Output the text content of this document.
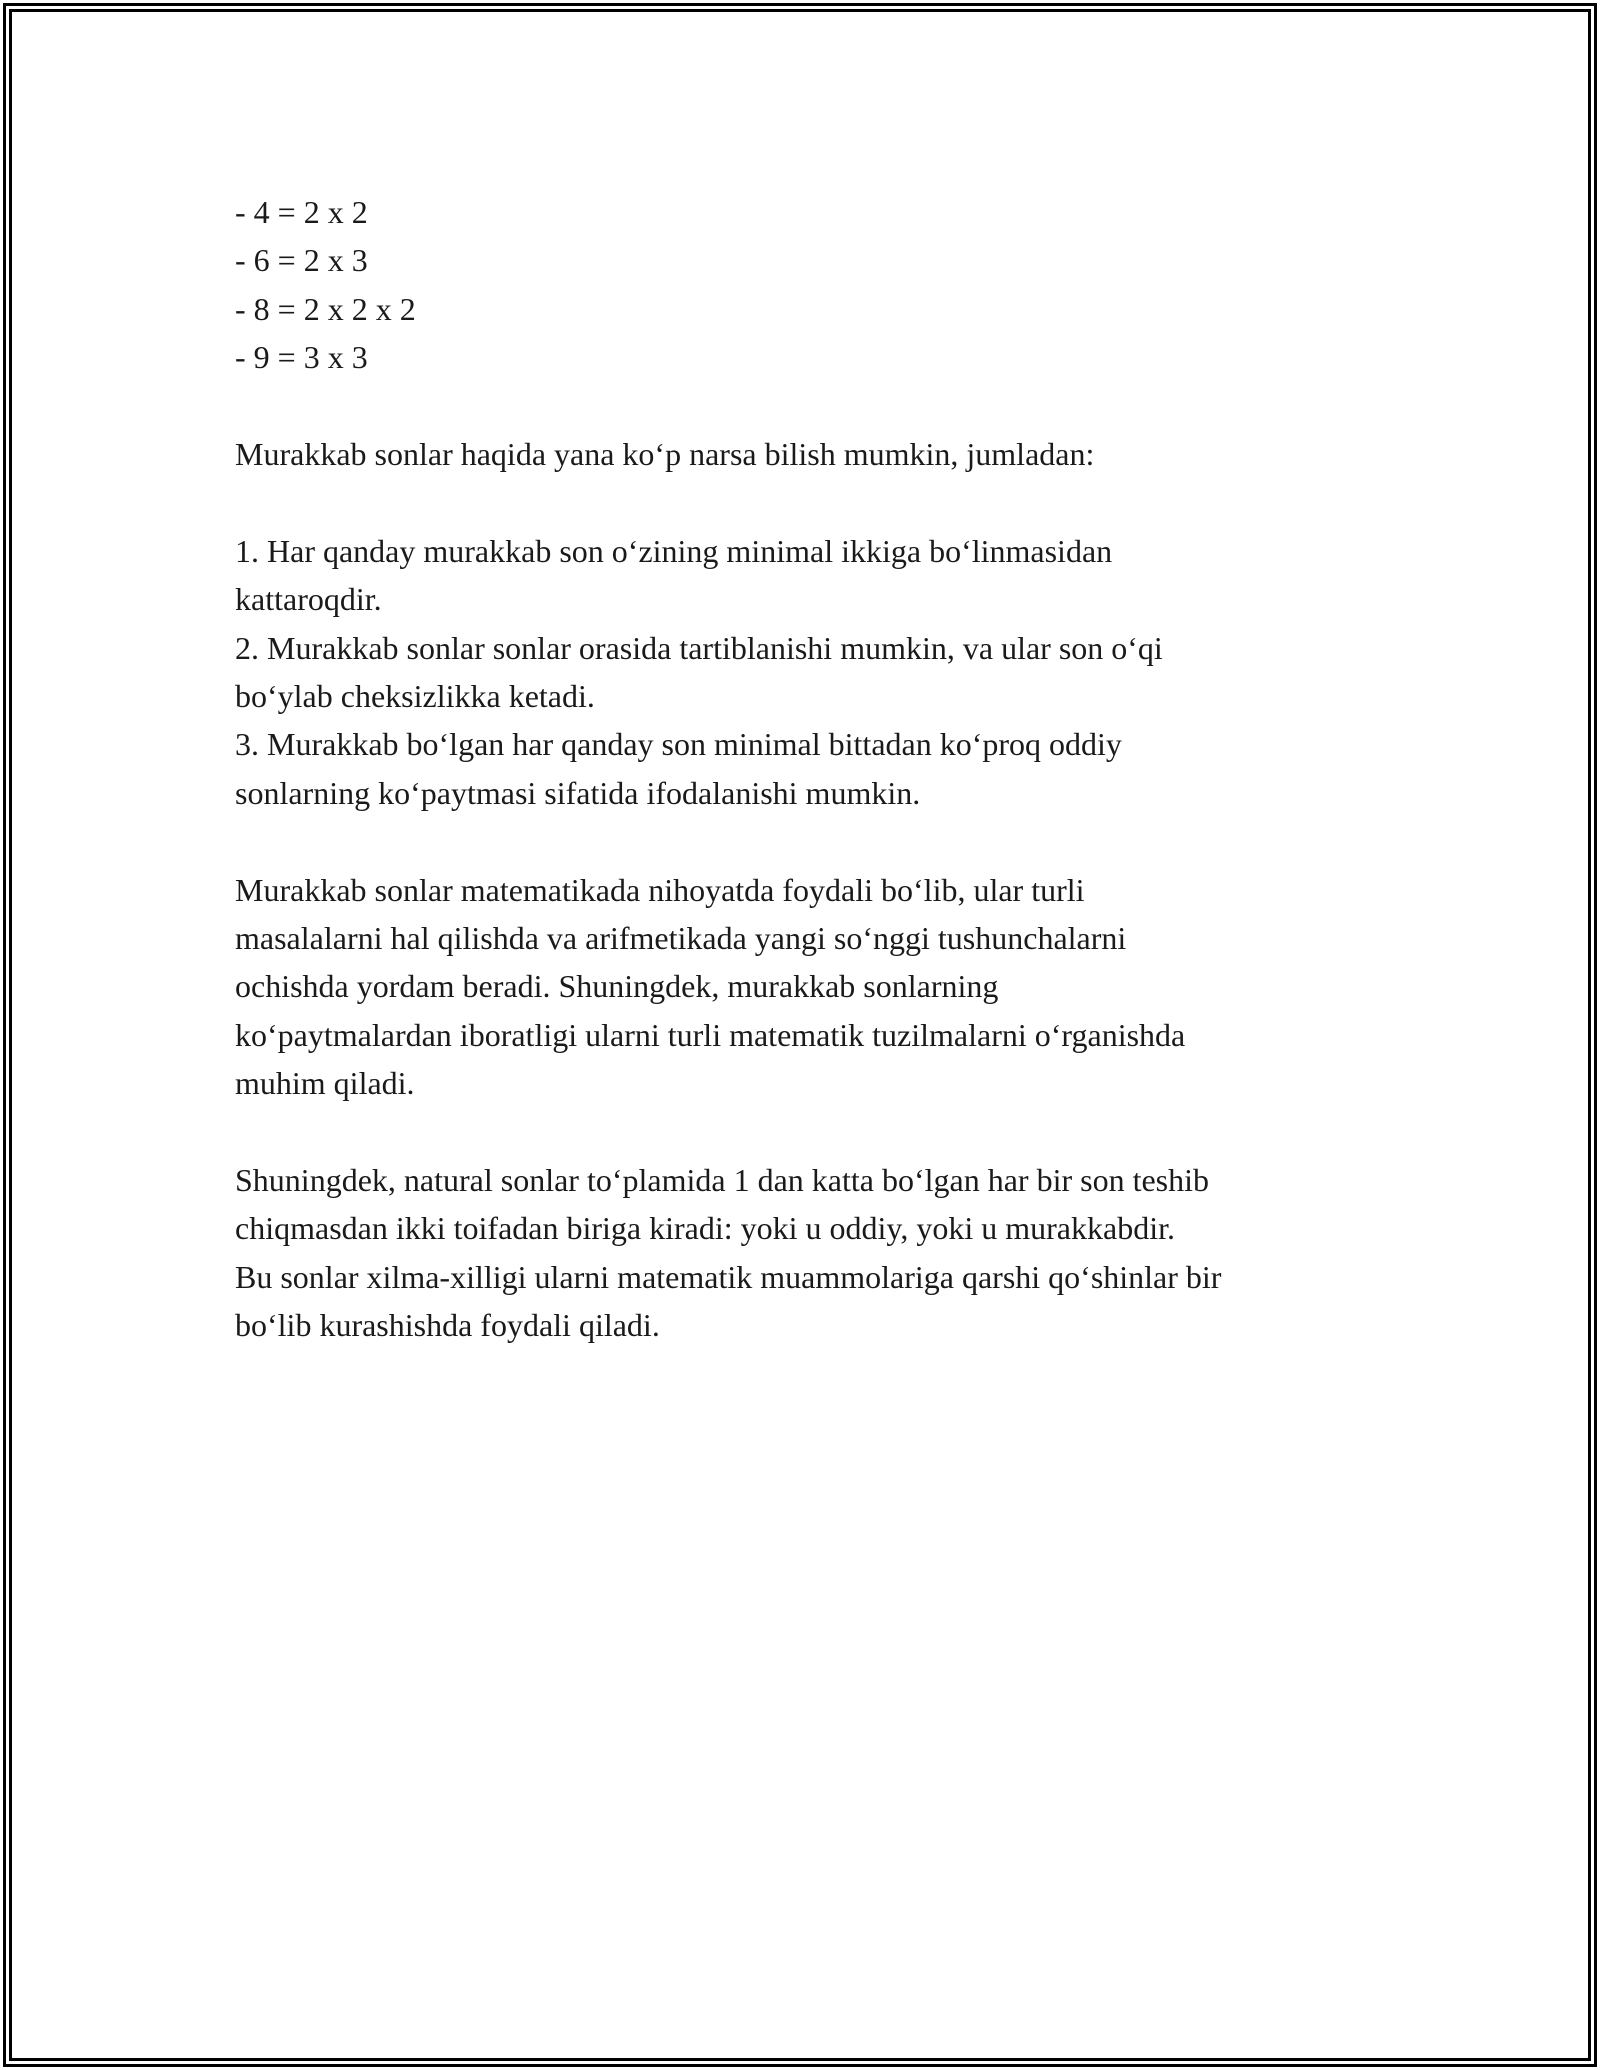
- 4 = 2 x 2
- 6 = 2 x 3
- 8 = 2 x 2 x 2
- 9 = 3 x 3
Murakkab sonlar haqida yana ko‘p narsa bilish mumkin, jumladan:
1. Har qanday murakkab son o‘zining minimal ikkiga bo‘linmasidan
kattaroqdir.
2. Murakkab sonlar sonlar orasida tartiblanishi mumkin, va ular son o‘qi
bo‘ylab cheksizlikka ketadi.
3. Murakkab bo‘lgan har qanday son minimal bittadan ko‘proq oddiy
sonlarning ko‘paytmasi sifatida ifodalanishi mumkin.
Murakkab sonlar matematikada nihoyatda foydali bo‘lib, ular turli
masalalarni hal qilishda va arifmetikada yangi so‘nggi tushunchalarni
ochishda yordam beradi. Shuningdek, murakkab sonlarning
ko‘paytmalardan iboratligi ularni turli matematik tuzilmalarni o‘rganishda
muhim qiladi.
Shuningdek, natural sonlar to‘plamida 1 dan katta bo‘lgan har bir son teshib
chiqmasdan ikki toifadan biriga kiradi: yoki u oddiy, yoki u murakkabdir.
Bu sonlar xilma-xilligi ularni matematik muammolariga qarshi qo‘shinlar bir
bo‘lib kurashishda foydali qiladi.
